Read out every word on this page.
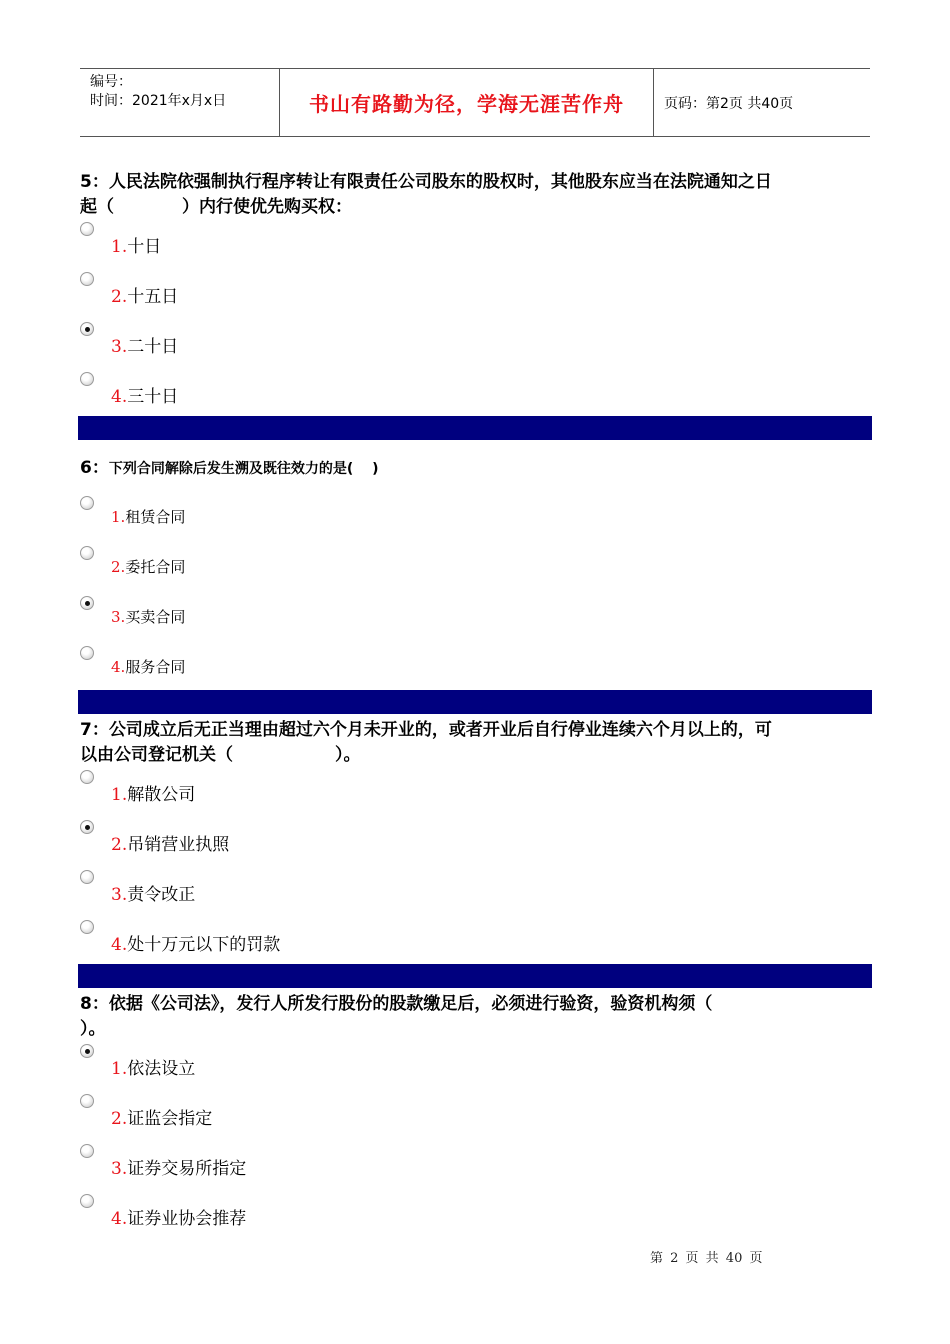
编号：
时间：2021年x月x日	书山有路勤为径，学海无涯苦作舟	页码：第2页 共40页
5：人民法院依强制执行程序转让有限责任公司股东的股权时，其他股东应当在法院通知之日
起（　　　　）内行使优先购买权：
1.十日
2.十五日
3.二十日
4.三十日
6：下列合同解除后发生溯及既往效力的是(　 )
1.租赁合同
2.委托合同
3.买卖合同
4.服务合同
7：公司成立后无正当理由超过六个月未开业的，或者开业后自行停业连续六个月以上的，可
以由公司登记机关（　　　　　　）。
1.解散公司
2.吊销营业执照
3.责令改正
4.处十万元以下的罚款
8：依据《公司法》，发行人所发行股份的股款缴足后，必须进行验资，验资机构须（
）。
1.依法设立
2.证监会指定
3.证券交易所指定
4.证券业协会推荐
第 2 页 共 40 页
